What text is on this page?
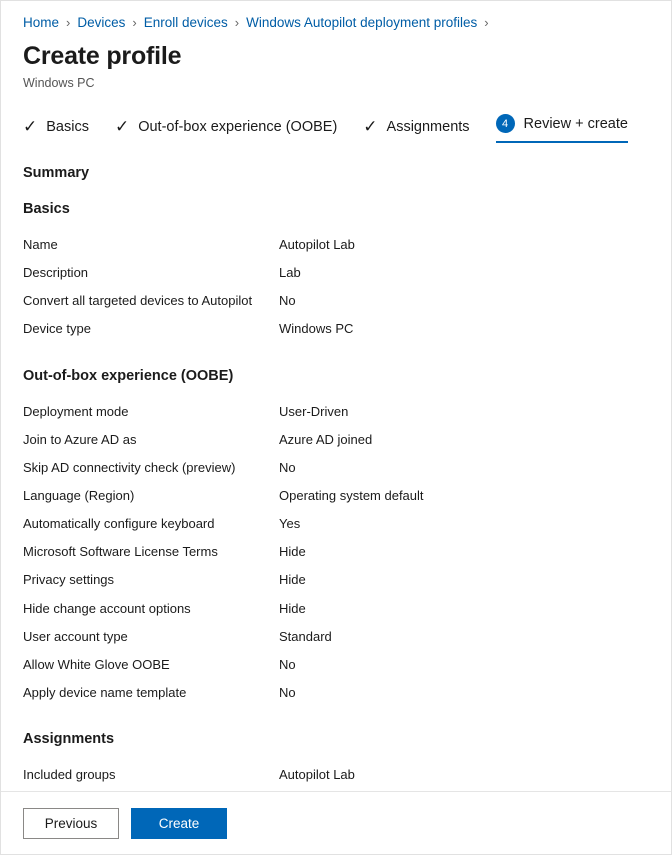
Home › Devices › Enroll devices › Windows Autopilot deployment profiles ›
Create profile
Windows PC
✓ Basics ✓ Out-of-box experience (OOBE) ✓ Assignments	4	Review + create
Summary
Basics
Name	Autopilot Lab
Description	Lab
Convert all targeted devices to Autopilot	No
Device type	Windows PC
Out-of-box experience (OOBE)
Deployment mode	User-Driven
Join to Azure AD as	Azure AD joined
Skip AD connectivity check (preview)	No
Language (Region)	Operating system default
Automatically configure keyboard	Yes
Microsoft Software License Terms	Hide
Privacy settings	Hide
Hide change account options	Hide
User account type	Standard
Allow White Glove OOBE	No
Apply device name template	No
Assignments
Included groups	Autopilot Lab
Previous	Create
